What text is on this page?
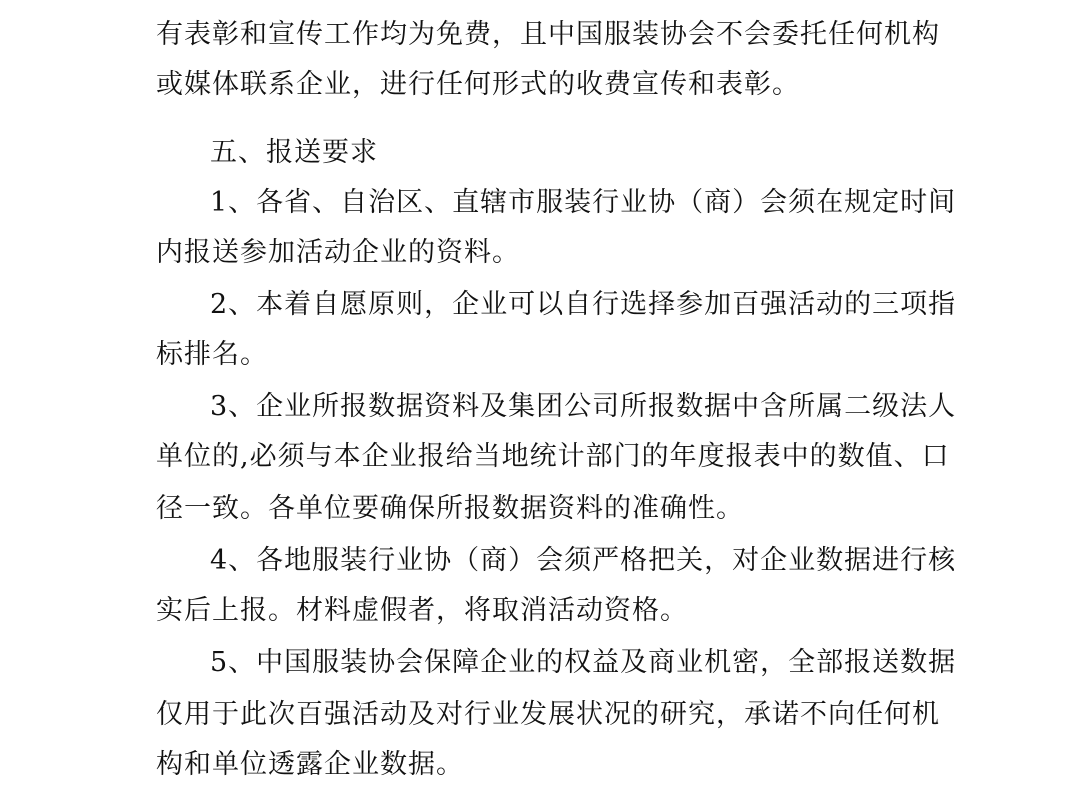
有表彰和宣传工作均为免费，且中国服装协会不会委托任何机构
或媒体联系企业，进行任何形式的收费宣传和表彰。
五、报送要求
1、各省、自治区、直辖市服装行业协（商）会须在规定时间
内报送参加活动企业的资料。
2、本着自愿原则，企业可以自行选择参加百强活动的三项指
标排名。
3、企业所报数据资料及集团公司所报数据中含所属二级法人
单位的,必须与本企业报给当地统计部门的年度报表中的数值、口
径一致。各单位要确保所报数据资料的准确性。
4、各地服装行业协（商）会须严格把关，对企业数据进行核
实后上报。材料虚假者，将取消活动资格。
5、中国服装协会保障企业的权益及商业机密，全部报送数据
仅用于此次百强活动及对行业发展状况的研究，承诺不向任何机
构和单位透露企业数据。
